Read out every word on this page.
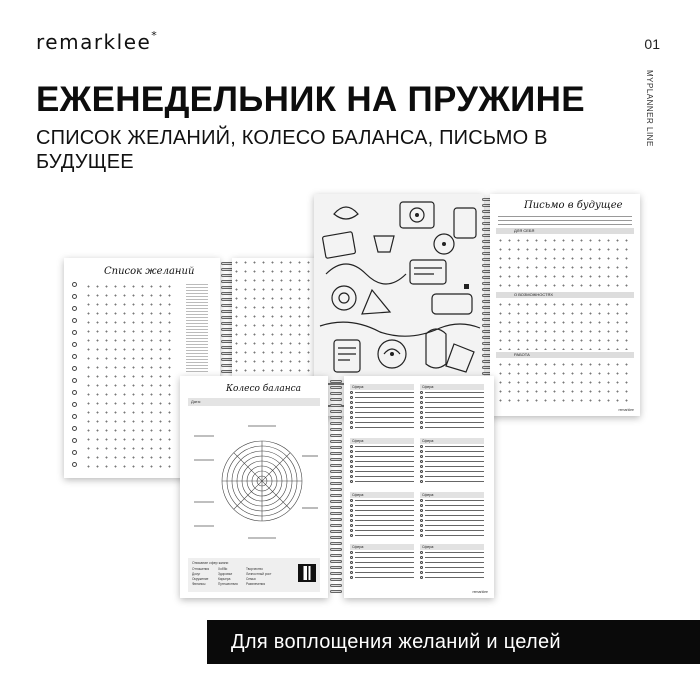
remarklee*
01
MYPLANNER LINE
ЕЖЕНЕДЕЛЬНИК НА ПРУЖИНЕ

СПИСОК ЖЕЛАНИЙ, КОЛЕСО БАЛАНСА, ПИСЬМО В БУДУЩЕЕ

Список желаний
Письмо в будущее
ДЛЯ СЕБЯ
О ВОЗМОЖНОСТЯХ
РАБОТА
remarklee
Колесо баланса
Дата:
Описание сфер жизни
Отношения
Досуг
Окружение
Финансы
Хобби
Здоровье
Карьера
Путешествия
Творчество
Личностный рост
Семья
Развлечения
Сфера:	Сфера:
Сфера:	Сфера:
Сфера:	Сфера:
Сфера:	Сфера:
remarklee
Для воплощения желаний и целей
